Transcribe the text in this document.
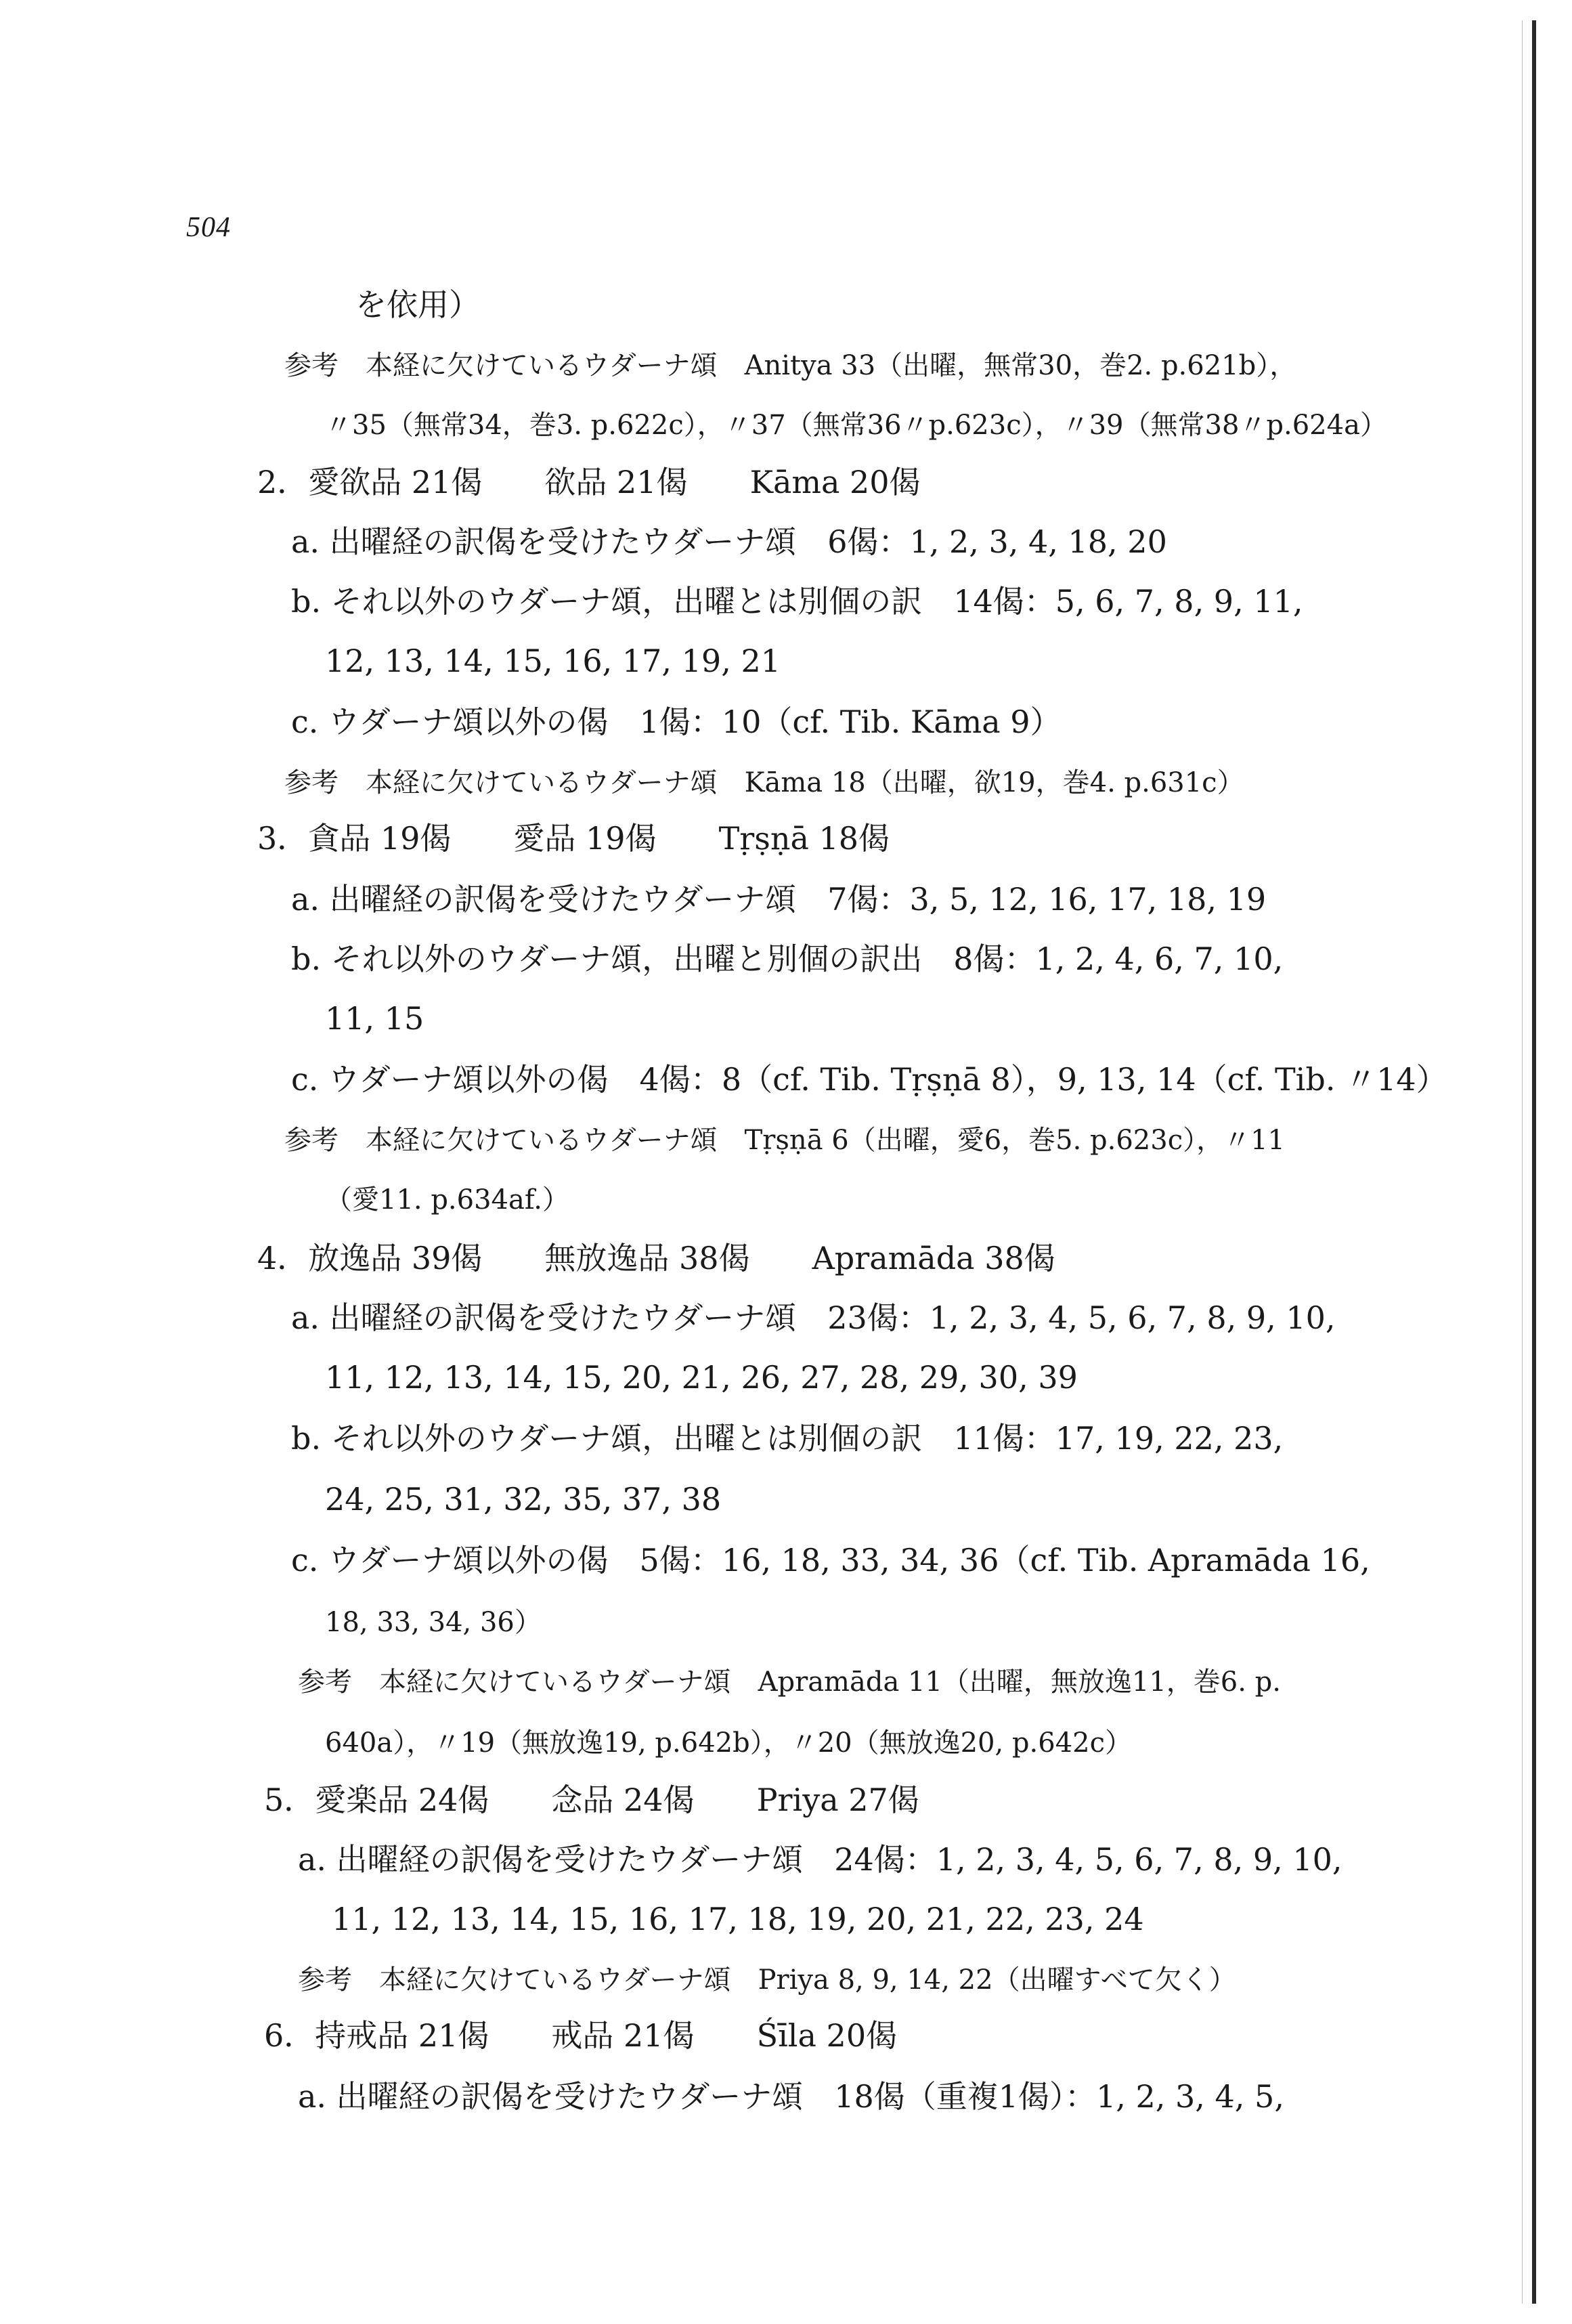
504

を依用）

参考　本経に欠けているウダーナ頌　Anitya 33（出曜，無常30，巻2. p.621b），

〃35（無常34，巻3. p.622c），〃37（無常36〃p.623c），〃39（無常38〃p.624a）

2．愛欲品 21偈　　欲品 21偈　　Kāma 20偈

a. 出曜経の訳偈を受けたウダーナ頌　6偈：1, 2, 3, 4, 18, 20

b. それ以外のウダーナ頌，出曜とは別個の訳　14偈：5, 6, 7, 8, 9, 11,

12, 13, 14, 15, 16, 17, 19, 21

c. ウダーナ頌以外の偈　1偈：10（cf. Tib. Kāma 9）

参考　本経に欠けているウダーナ頌　Kāma 18（出曜，欲19，巻4. p.631c）

3．貪品 19偈　　愛品 19偈　　Tṛṣṇā 18偈

a. 出曜経の訳偈を受けたウダーナ頌　7偈：3, 5, 12, 16, 17, 18, 19

b. それ以外のウダーナ頌，出曜と別個の訳出　8偈：1, 2, 4, 6, 7, 10,

11, 15

c. ウダーナ頌以外の偈　4偈：8（cf. Tib. Tṛṣṇā 8），9, 13, 14（cf. Tib. 〃14）

参考　本経に欠けているウダーナ頌　Tṛṣṇā 6（出曜，愛6，巻5. p.623c），〃11

（愛11. p.634af.）

4．放逸品 39偈　　無放逸品 38偈　　Apramāda 38偈

a. 出曜経の訳偈を受けたウダーナ頌　23偈：1, 2, 3, 4, 5, 6, 7, 8, 9, 10,

11, 12, 13, 14, 15, 20, 21, 26, 27, 28, 29, 30, 39

b. それ以外のウダーナ頌，出曜とは別個の訳　11偈：17, 19, 22, 23,

24, 25, 31, 32, 35, 37, 38

c. ウダーナ頌以外の偈　5偈：16, 18, 33, 34, 36（cf. Tib. Apramāda 16,

18, 33, 34, 36）

参考　本経に欠けているウダーナ頌　Apramāda 11（出曜，無放逸11，巻6. p.

640a），〃19（無放逸19, p.642b），〃20（無放逸20, p.642c）

5．愛楽品 24偈　　念品 24偈　　Priya 27偈

a. 出曜経の訳偈を受けたウダーナ頌　24偈：1, 2, 3, 4, 5, 6, 7, 8, 9, 10,

11, 12, 13, 14, 15, 16, 17, 18, 19, 20, 21, 22, 23, 24

参考　本経に欠けているウダーナ頌　Priya 8, 9, 14, 22（出曜すべて欠く）

6．持戒品 21偈　　戒品 21偈　　Śīla 20偈

a. 出曜経の訳偈を受けたウダーナ頌　18偈（重複1偈）：1, 2, 3, 4, 5,
